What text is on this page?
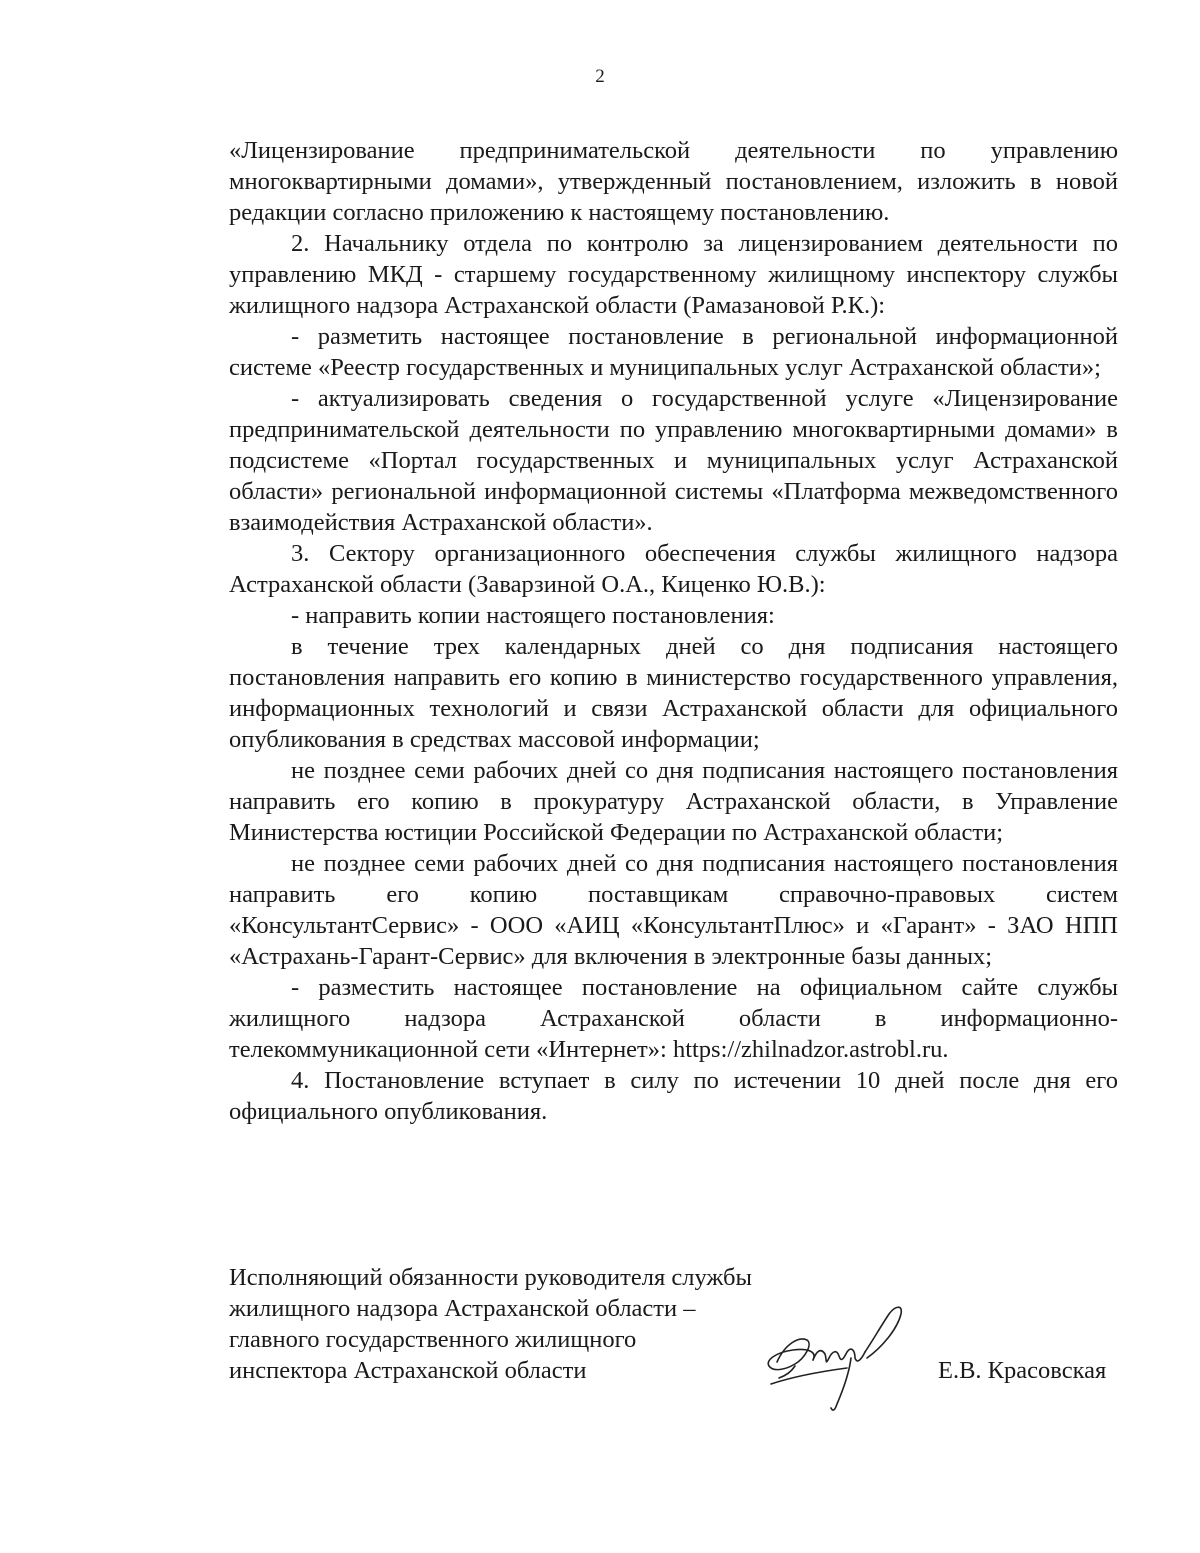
2

«Лицензирование предпринимательской деятельности по управлению многоквартирными домами», утвержденный постановлением, изложить в новой редакции согласно приложению к настоящему постановлению.

2. Начальнику отдела по контролю за лицензированием деятельности по управлению МКД - старшему государственному жилищному инспектору службы жилищного надзора Астраханской области (Рамазановой Р.К.):

- разметить настоящее постановление в региональной информационной системе «Реестр государственных и муниципальных услуг Астраханской области»;

- актуализировать сведения о государственной услуге «Лицензирование предпринимательской деятельности по управлению многоквартирными домами» в подсистеме «Портал государственных и муниципальных услуг Астраханской области» региональной информационной системы «Платформа межведомственного взаимодействия Астраханской области».

3. Сектору организационного обеспечения службы жилищного надзора Астраханской области (Заварзиной О.А., Киценко Ю.В.):

- направить копии настоящего постановления:

в течение трех календарных дней со дня подписания настоящего постановления направить его копию в министерство государственного управления, информационных технологий и связи Астраханской области для официального опубликования в средствах массовой информации;

не позднее семи рабочих дней со дня подписания настоящего постановления направить его копию в прокуратуру Астраханской области, в Управление Министерства юстиции Российской Федерации по Астраханской области;

не позднее семи рабочих дней со дня подписания настоящего постановления направить его копию поставщикам справочно-правовых систем «КонсультантСервис» - ООО «АИЦ «КонсультантПлюс» и «Гарант» - ЗАО НПП «Астрахань-Гарант-Сервис» для включения в электронные базы данных;

- разместить настоящее постановление на официальном сайте службы жилищного надзора Астраханской области в информационно-телекоммуникационной сети «Интернет»: https://zhilnadzor.astrobl.ru.

4. Постановление вступает в силу по истечении 10 дней после дня его официального опубликования.

Исполняющий обязанности руководителя службы
жилищного надзора Астраханской области –
главного государственного жилищного
инспектора Астраханской области	Е.В. Красовская
